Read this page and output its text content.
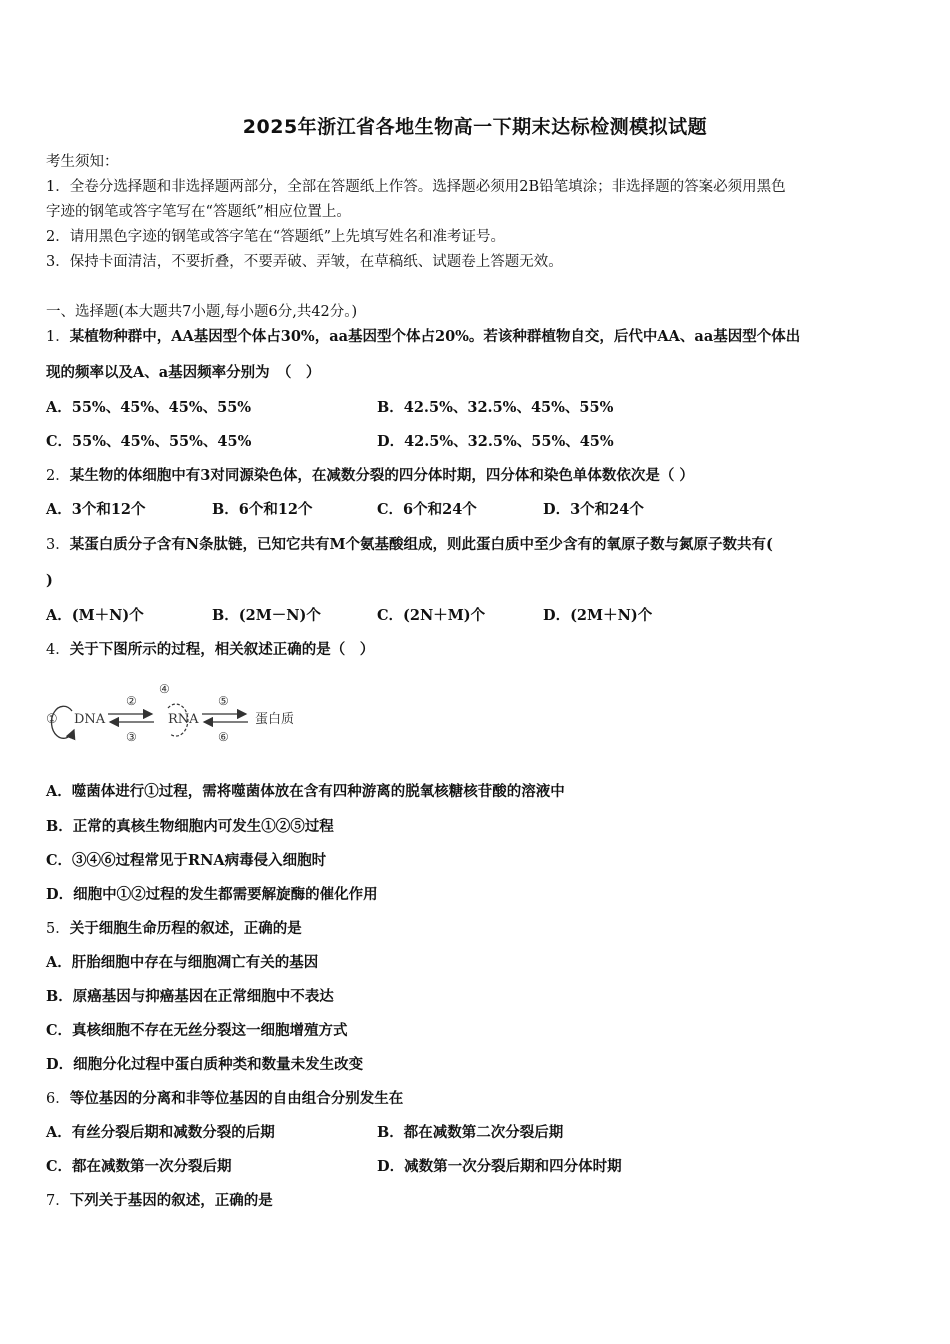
2025年浙江省各地生物高一下期末达标检测模拟试题
考生须知：
1．全卷分选择题和非选择题两部分，全部在答题纸上作答。选择题必须用2B铅笔填涂；非选择题的答案必须用黑色
字迹的钢笔或答字笔写在“答题纸”相应位置上。
2．请用黑色字迹的钢笔或答字笔在“答题纸”上先填写姓名和准考证号。
3．保持卡面清洁，不要折叠，不要弄破、弄皱，在草稿纸、试题卷上答题无效。
一、选择题(本大题共7小题,每小题6分,共42分。)
1．某植物种群中，AA基因型个体占30%，aa基因型个体占20%。若该种群植物自交，后代中AA、aa基因型个体出
现的频率以及A、a基因频率分别为　（　）
A．55%、45%、45%、55%	B．42.5%、32.5%、45%、55%
C．55%、45%、55%、45%	D．42.5%、32.5%、55%、45%
2．某生物的体细胞中有3对同源染色体，在减数分裂的四分体时期，四分体和染色单体数依次是（ ）
A．3个和12个	B．6个和12个	C．6个和24个	D．3个和24个
3．某蛋白质分子含有N条肽链，已知它共有M个氨基酸组成，则此蛋白质中至少含有的氧原子数与氮原子数共有(
)
A．(M＋N)个	B．(2M－N)个	C．(2N＋M)个	D．(2M＋N)个
4．关于下图所示的过程，相关叙述正确的是（　）
① DNA
②
③
④
RNA
⑤
⑥
蛋白质
A．噬菌体进行①过程，需将噬菌体放在含有四种游离的脱氧核糖核苷酸的溶液中
B．正常的真核生物细胞内可发生①②⑤过程
C．③④⑥过程常见于RNA病毒侵入细胞时
D．细胞中①②过程的发生都需要解旋酶的催化作用
5．关于细胞生命历程的叙述，正确的是
A．肝胎细胞中存在与细胞凋亡有关的基因
B．原癌基因与抑癌基因在正常细胞中不表达
C．真核细胞不存在无丝分裂这一细胞增殖方式
D．细胞分化过程中蛋白质种类和数量未发生改变
6．等位基因的分离和非等位基因的自由组合分别发生在
A．有丝分裂后期和减数分裂的后期	B．都在减数第二次分裂后期
C．都在减数第一次分裂后期	D．减数第一次分裂后期和四分体时期
7．下列关于基因的叙述，正确的是
